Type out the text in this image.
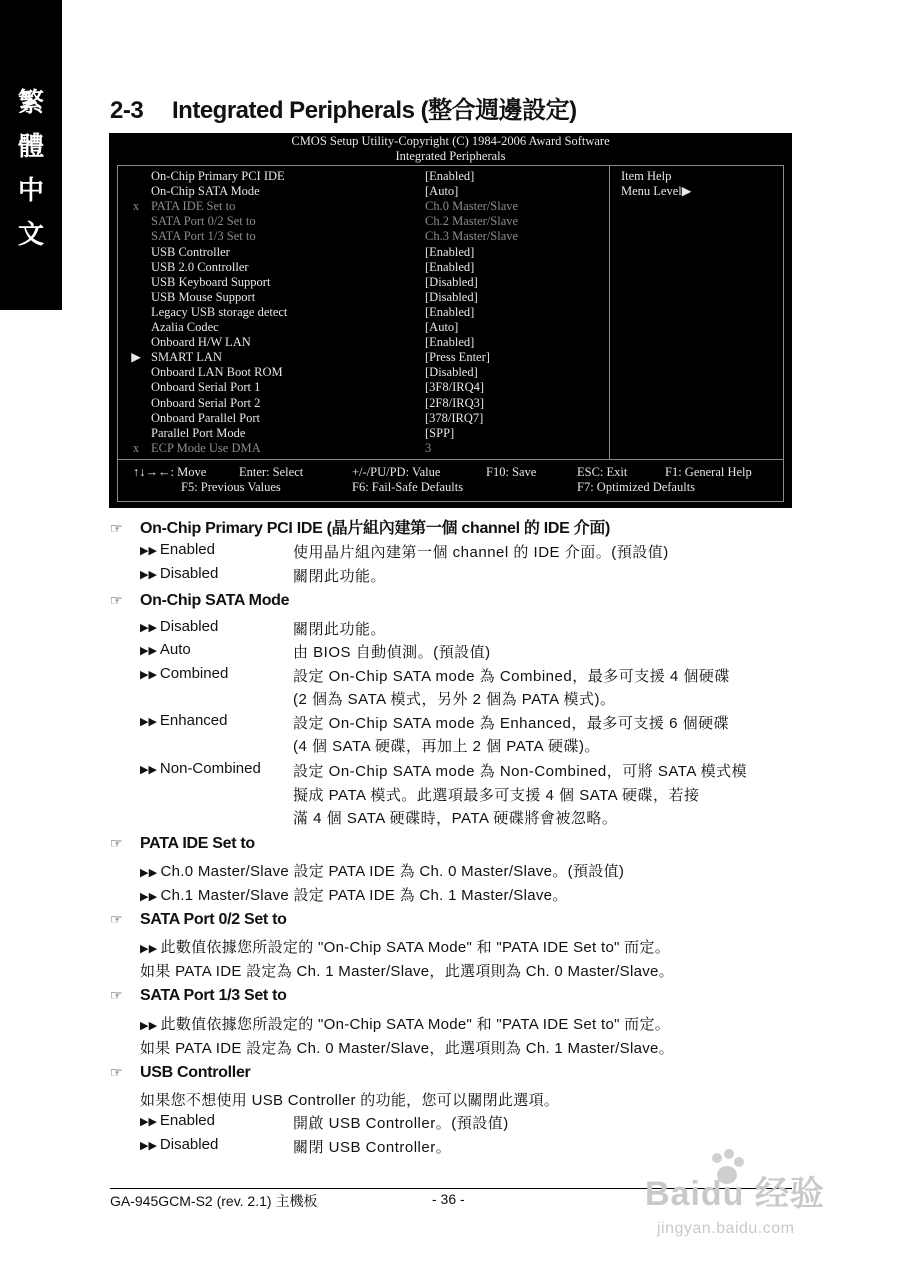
繁
體
中
文
2-3 Integrated Peripherals (整合週邊設定)
CMOS Setup Utility-Copyright (C) 1984-2006 Award Software
Integrated Peripherals
On-Chip Primary PCI IDE	[Enabled]
On-Chip SATA Mode	[Auto]
x PATA IDE Set to	Ch.0 Master/Slave
SATA Port 0/2 Set to	Ch.2 Master/Slave
SATA Port 1/3 Set to	Ch.3 Master/Slave
USB Controller	[Enabled]
USB 2.0 Controller	[Enabled]
USB Keyboard Support	[Disabled]
USB Mouse Support	[Disabled]
Legacy USB storage detect	[Enabled]
Azalia Codec	[Auto]
Onboard H/W LAN	[Enabled]
▶ SMART LAN	[Press Enter]
Onboard LAN Boot ROM	[Disabled]
Onboard Serial Port 1	[3F8/IRQ4]
Onboard Serial Port 2	[2F8/IRQ3]
Onboard Parallel Port	[378/IRQ7]
Parallel Port Mode	[SPP]
x ECP Mode Use DMA	3
Item Help
Menu Level▶
↑↓→←: Move	Enter: Select	+/-/PU/PD: Value	F10: Save	ESC: Exit	F1: General Help
F5: Previous Values	F6: Fail-Safe Defaults	F7: Optimized Defaults
☞ On-Chip Primary PCI IDE (晶片組內建第一個 channel 的 IDE 介面)
▶▶ Enabled	使用晶片組內建第一個 channel 的 IDE 介面。(預設值)
▶▶ Disabled	關閉此功能。
☞ On-Chip SATA Mode
▶▶ Disabled	關閉此功能。
▶▶ Auto	由 BIOS 自動偵測。(預設值)
▶▶ Combined	設定 On-Chip SATA mode 為 Combined，最多可支援 4 個硬碟
(2 個為 SATA 模式，另外 2 個為 PATA 模式)。
▶▶ Enhanced	設定 On-Chip SATA mode 為 Enhanced，最多可支援 6 個硬碟
(4 個 SATA 硬碟，再加上 2 個 PATA 硬碟)。
▶▶ Non-Combined 設定 On-Chip SATA mode 為 Non-Combined，可將 SATA 模式模
擬成 PATA 模式。此選項最多可支援 4 個 SATA 硬碟，若接
滿 4 個 SATA 硬碟時，PATA 硬碟將會被忽略。
☞ PATA IDE Set to
▶▶ Ch.0 Master/Slave 設定 PATA IDE 為 Ch. 0 Master/Slave。(預設值)
▶▶ Ch.1 Master/Slave 設定 PATA IDE 為 Ch. 1 Master/Slave。
☞ SATA Port 0/2 Set to
▶▶ 此數值依據您所設定的 "On-Chip SATA Mode" 和 "PATA IDE Set to" 而定。
如果 PATA IDE 設定為 Ch. 1 Master/Slave，此選項則為 Ch. 0 Master/Slave。
☞ SATA Port 1/3 Set to
▶▶ 此數值依據您所設定的 "On-Chip SATA Mode" 和 "PATA IDE Set to" 而定。
如果 PATA IDE 設定為 Ch. 0 Master/Slave，此選項則為 Ch. 1 Master/Slave。
☞ USB Controller
如果您不想使用 USB Controller 的功能，您可以關閉此選項。
▶▶ Enabled	開啟 USB Controller。(預設值)
▶▶ Disabled	關閉 USB Controller。
GA-945GCM-S2 (rev. 2.1) 主機板	- 36 -	Baidu 经验
jingyan.baidu.com
